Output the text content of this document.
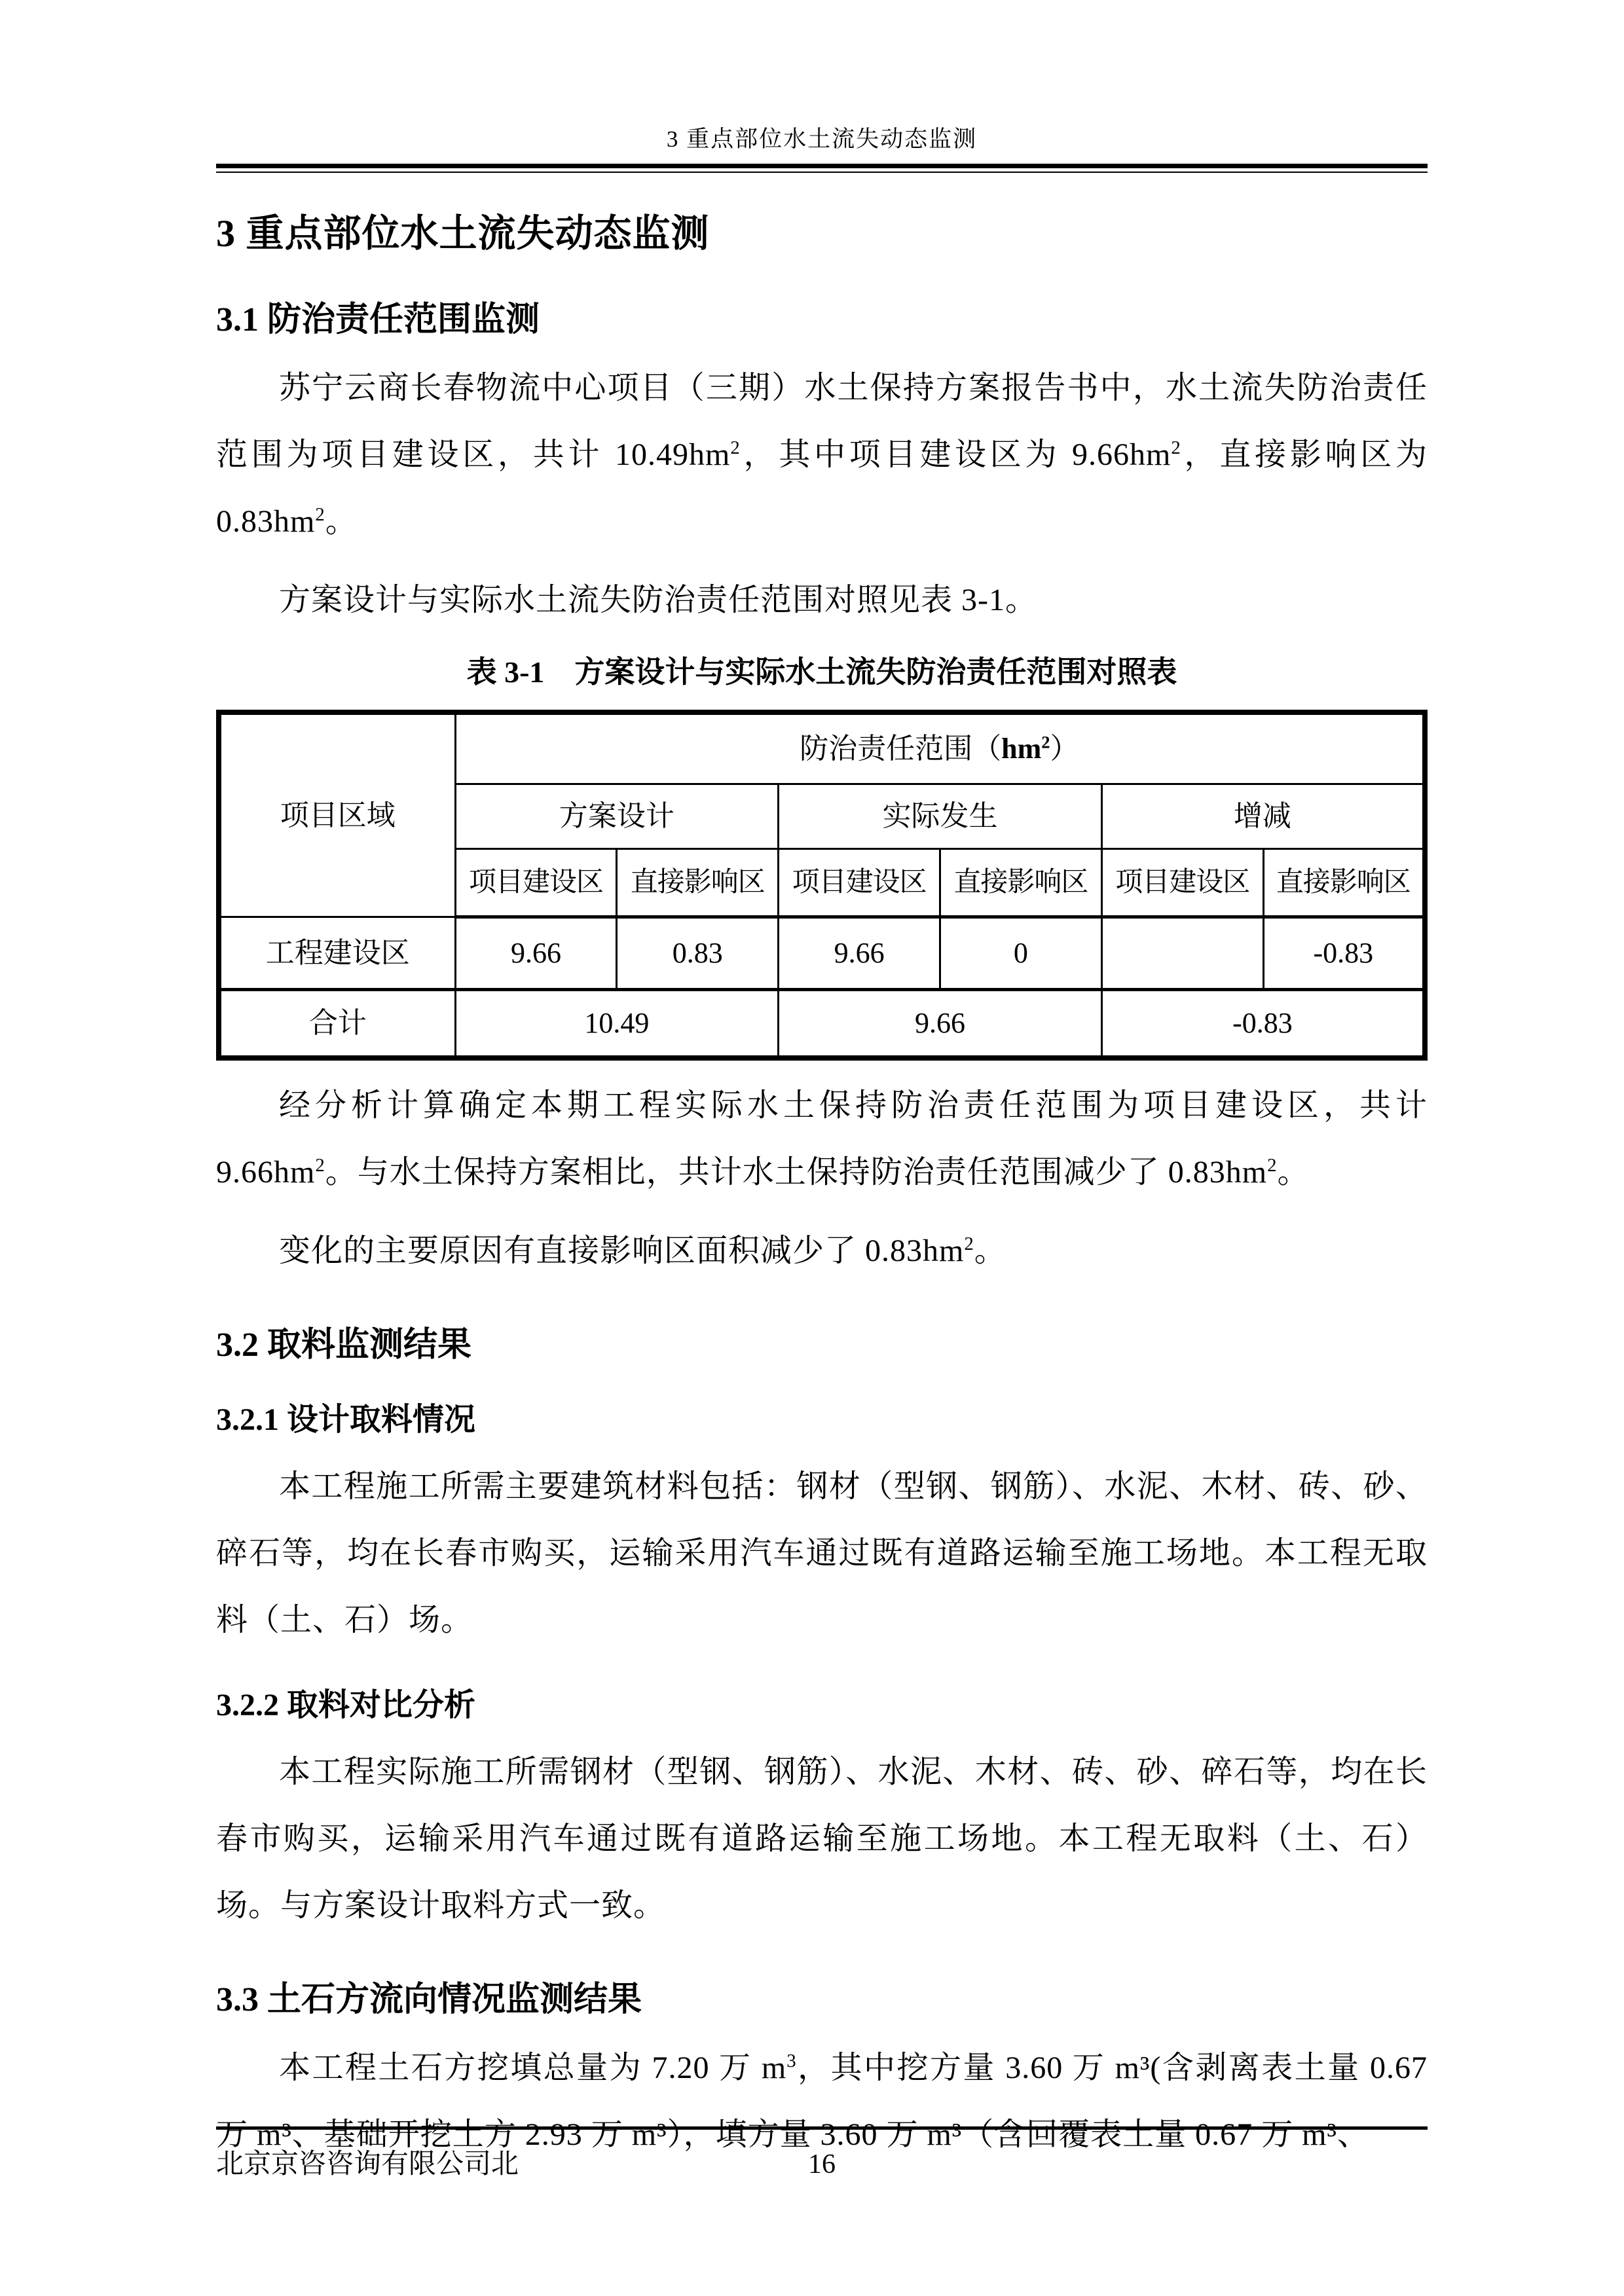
3 重点部位水土流失动态监测
3 重点部位水土流失动态监测
3.1 防治责任范围监测
苏宁云商长春物流中心项目（三期）水土保持方案报告书中，水土流失防治责任范围为项目建设区，共计 $10.49hm^2$，其中项目建设区为 $9.66hm^2$，直接影响区为 $0.83hm^2$。
方案设计与实际水土流失防治责任范围对照见表 3-1。
表 3-1　方案设计与实际水土流失防治责任范围对照表
项目区域	防治责任范围$(hm^2)$					
	方案设计		实际发生		增减	
	项目建设区	直接影响区	项目建设区	直接影响区	项目建设区	直接影响区
工程建设区	9.66	0.83	9.66	0		-0.83
合计	10.49		9.66		-0.83	
经分析计算确定本期工程实际水土保持防治责任范围为项目建设区，共计 $9.66hm^2$。与水土保持方案相比，共计水土保持防治责任范围减少了 $0.83hm^2$。
变化的主要原因有直接影响区面积减少了 $0.83hm^2$。
3.2 取料监测结果
3.2.1 设计取料情况
本工程施工所需主要建筑材料包括：钢材（型钢、钢筋）、水泥、木材、砖、砂、碎石等，均在长春市购买，运输采用汽车通过既有道路运输至施工场地。本工程无取料（土、石）场。
3.2.2 取料对比分析
本工程实际施工所需钢材（型钢、钢筋）、水泥、木材、砖、砂、碎石等，均在长春市购买，运输采用汽车通过既有道路运输至施工场地。本工程无取料（土、石）场。与方案设计取料方式一致。
3.3 土石方流向情况监测结果
本工程土石方挖填总量为 7.20 万 $m^3$，其中挖方量 3.60 万 m³(含剥离表土量 0.67 万 m³、基础开挖土方 2.93 万 m³），填方量 3.60 万 m³（含回覆表土量 0.67 万 m³、
北京京咨咨询有限公司北	16
